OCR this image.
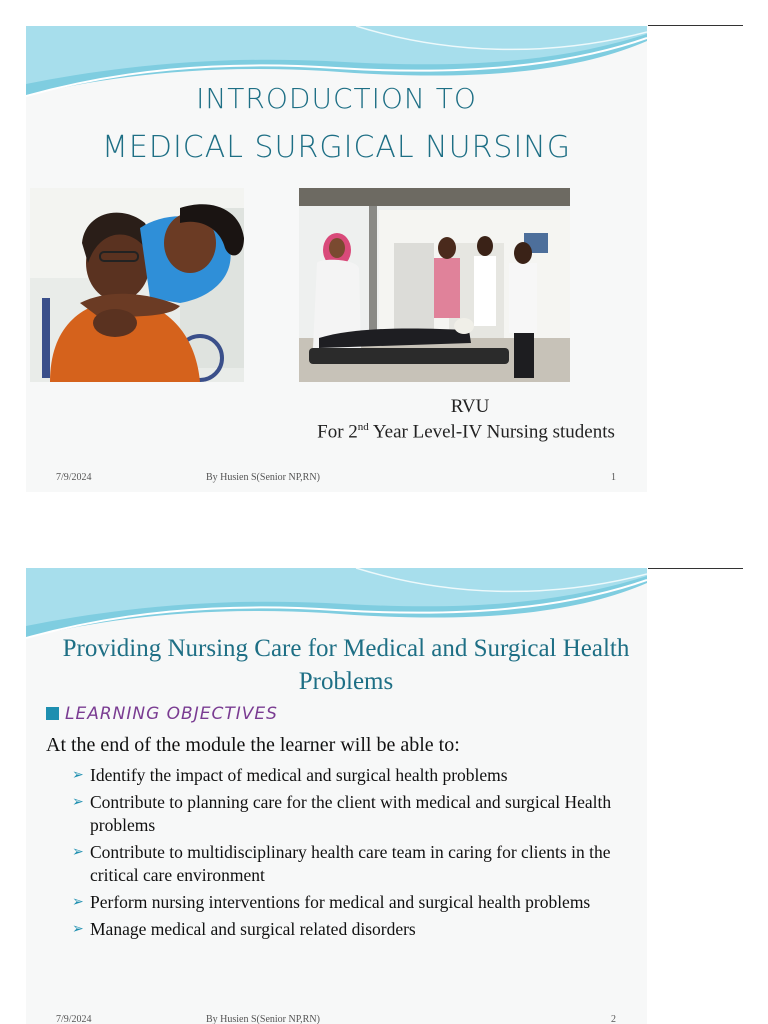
INTRODUCTION TO
MEDICAL SURGICAL NURSING
RVU
For 2nd Year Level-IV Nursing students
7/9/2024	By Husien S(Senior NP,RN)	1
Providing Nursing Care for Medical and Surgical Health Problems
LEARNING OBJECTIVES
At the end of the module the learner will be able to:
➢ Identify the impact of medical and surgical health problems
➢ Contribute to planning care for the client with medical and surgical Health problems
➢ Contribute to multidisciplinary health care team in caring for clients in the critical care environment
➢ Perform nursing interventions for medical and surgical health problems
➢ Manage medical and surgical related disorders
7/9/2024	By Husien S(Senior NP,RN)	2
